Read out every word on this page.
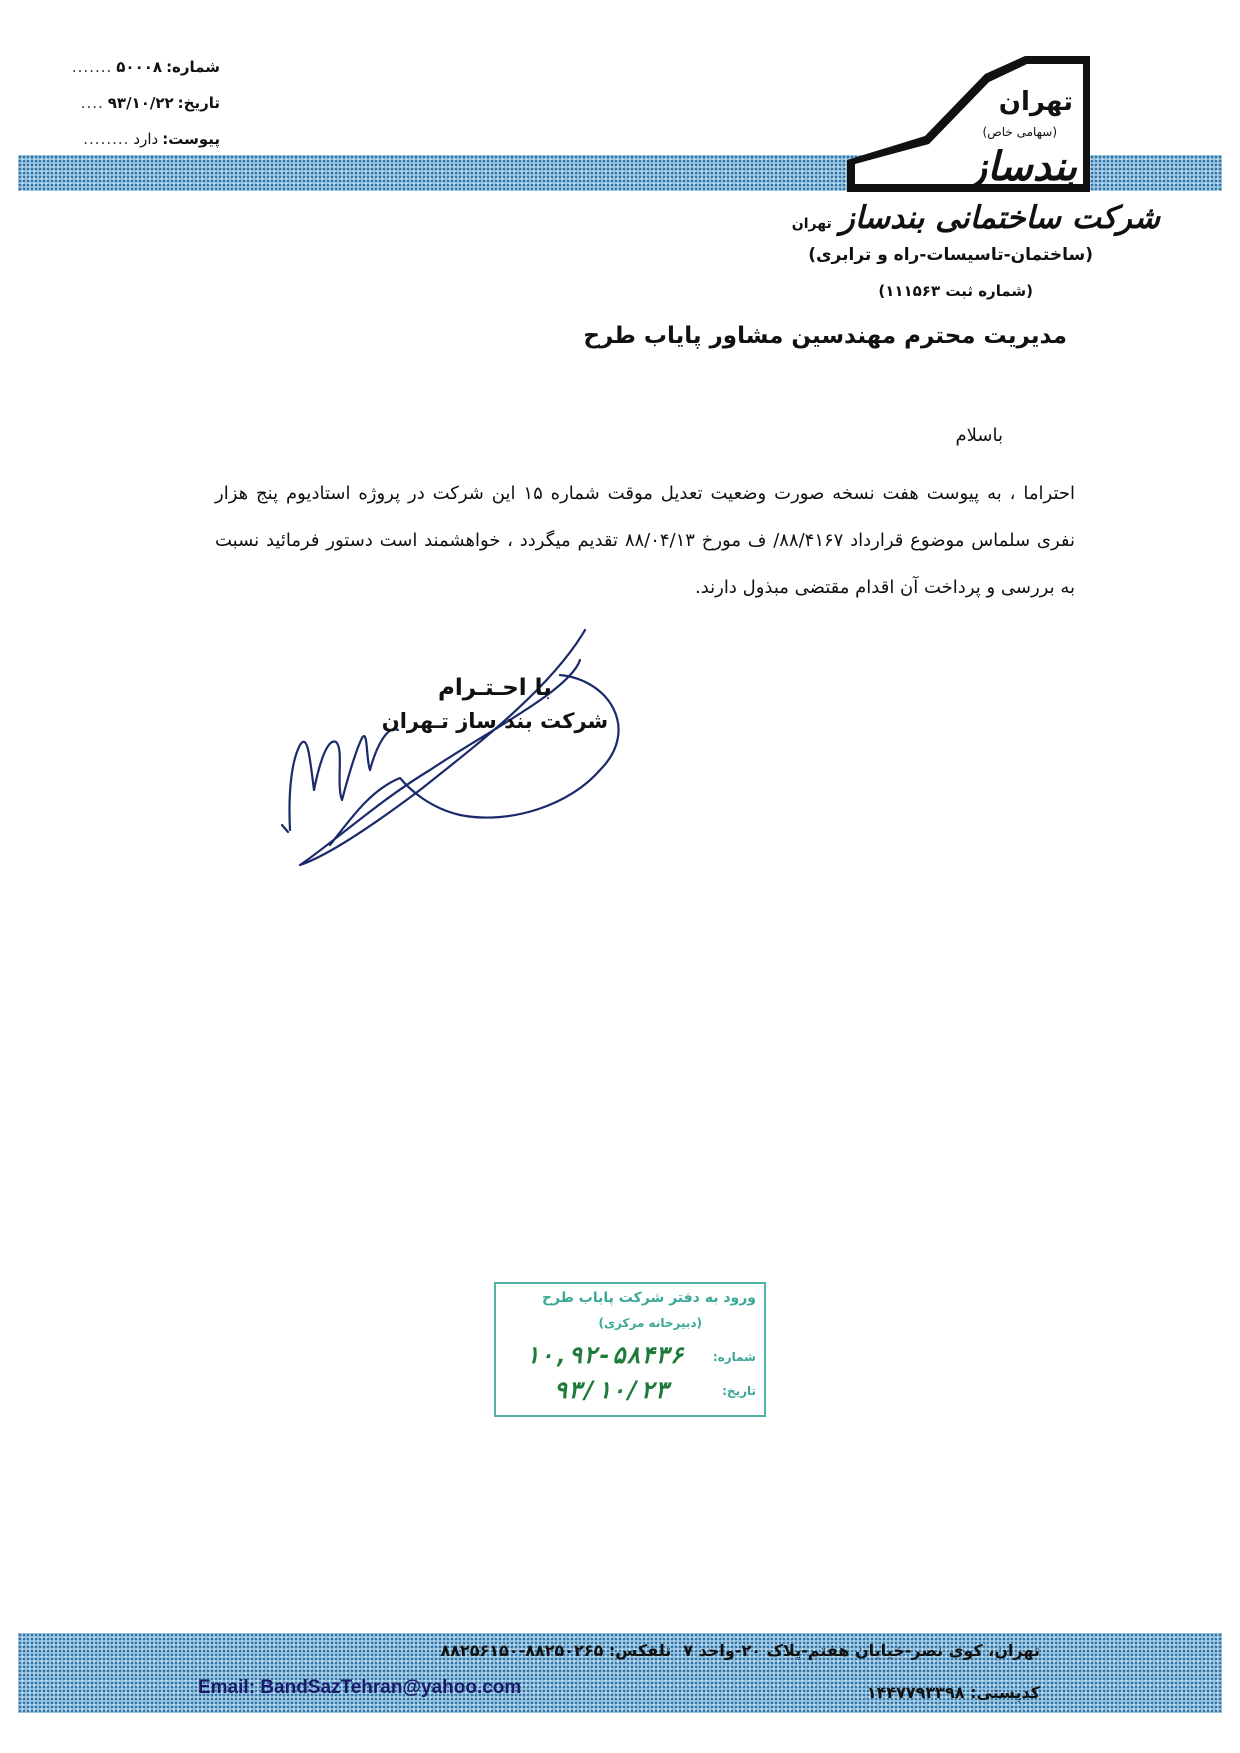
شماره:
۵۰۰۰۸
.......
تاریخ:
۹۳/۱۰/۲۲
....
پیوست:
دارد
........
تهران
(سهامی خاص)
بندساز
شرکت ساختمانی بندسازتهران
(ساختمان-تاسیسات-راه و ترابری)
(شماره ثبت ۱۱۱۵۶۳)
مدیریت محترم مهندسین مشاور پایاب طرح
باسلام
احتراما ، به پیوست هفت نسخه صورت وضعیت تعدیل موقت شماره ۱۵ این شرکت در پروژه استادیوم پنج هزار نفری سلماس موضوع قرارداد ۸۸/۴۱۶۷/ ف مورخ ۸۸/۰۴/۱۳ تقدیم میگردد ، خواهشمند است دستور فرمائید نسبت به بررسی و پرداخت آن اقدام مقتضی مبذول دارند.
با احـتـرام
شرکت بند ساز تـهران
ورود به دفتر شرکت پایاب طرح
(دبیرخانه مرکزی)
شماره:
۱۰,۹۲-۵۸۴۳۶
تاریخ:
۹۳/۱۰/۲۳
تهران، کوی نصر-خیابان هفتم-پلاک ۲۰-واحد ۷تلفکس: ۸۸۲۵۰۲۶۵-۸۸۲۵۶۱۵۰
Email: BandSazTehran@yahoo.com	کدپستی: ۱۴۴۷۷۹۳۳۹۸
